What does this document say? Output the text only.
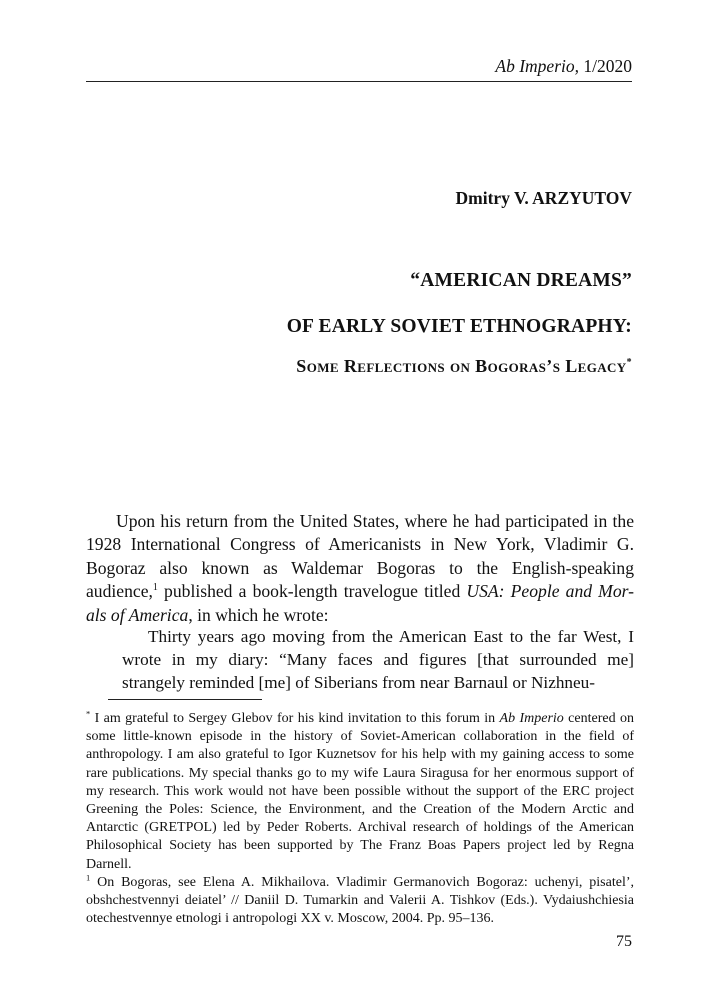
Ab Imperio, 1/2020
Dmitry V. ARZYUTOV
“AMERICAN DREAMS”
OF EARLY SOVIET ETHNOGRAPHY:
Some Reflections on Bogoras’s Legacy*
Upon his return from the United States, where he had participated in the 1928 International Congress of Americanists in New York, Vladimir G. Bogoraz also known as Waldemar Bogoras to the English-speaking audience,$^1$ published a book-length travelogue titled USA: People and Mor-als of America, in which he wrote:
Thirty years ago moving from the American East to the far West, I wrote in my diary: “Many faces and figures [that surrounded me] strangely reminded [me] of Siberians from near Barnaul or Nizhneu-

* I am grateful to Sergey Glebov for his kind invitation to this forum in Ab Imperio centered on some little-known episode in the history of Soviet-American collaboration in the field of anthropology. I am also grateful to Igor Kuznetsov for his help with my gaining access to some rare publications. My special thanks go to my wife Laura Siragusa for her enormous support of my research. This work would not have been possible without the support of the ERC project Greening the Poles: Science, the Environment, and the Creation of the Modern Arctic and Antarctic (GRETPOL) led by Peder Roberts. Archival research of holdings of the American Philosophical Society has been supported by The Franz Boas Papers project led by Regna Darnell.

$^1$ On Bogoras, see Elena A. Mikhailova. Vladimir Germanovich Bogoraz: uchenyi, pisatel’, obshchestvennyi deiatel’ // Daniil D. Tumarkin and Valerii A. Tishkov (Eds.). Vydaiushchiesia otechestvennye etnologi i antropologi XX v. Moscow, 2004. Pp. 95–136.

75
